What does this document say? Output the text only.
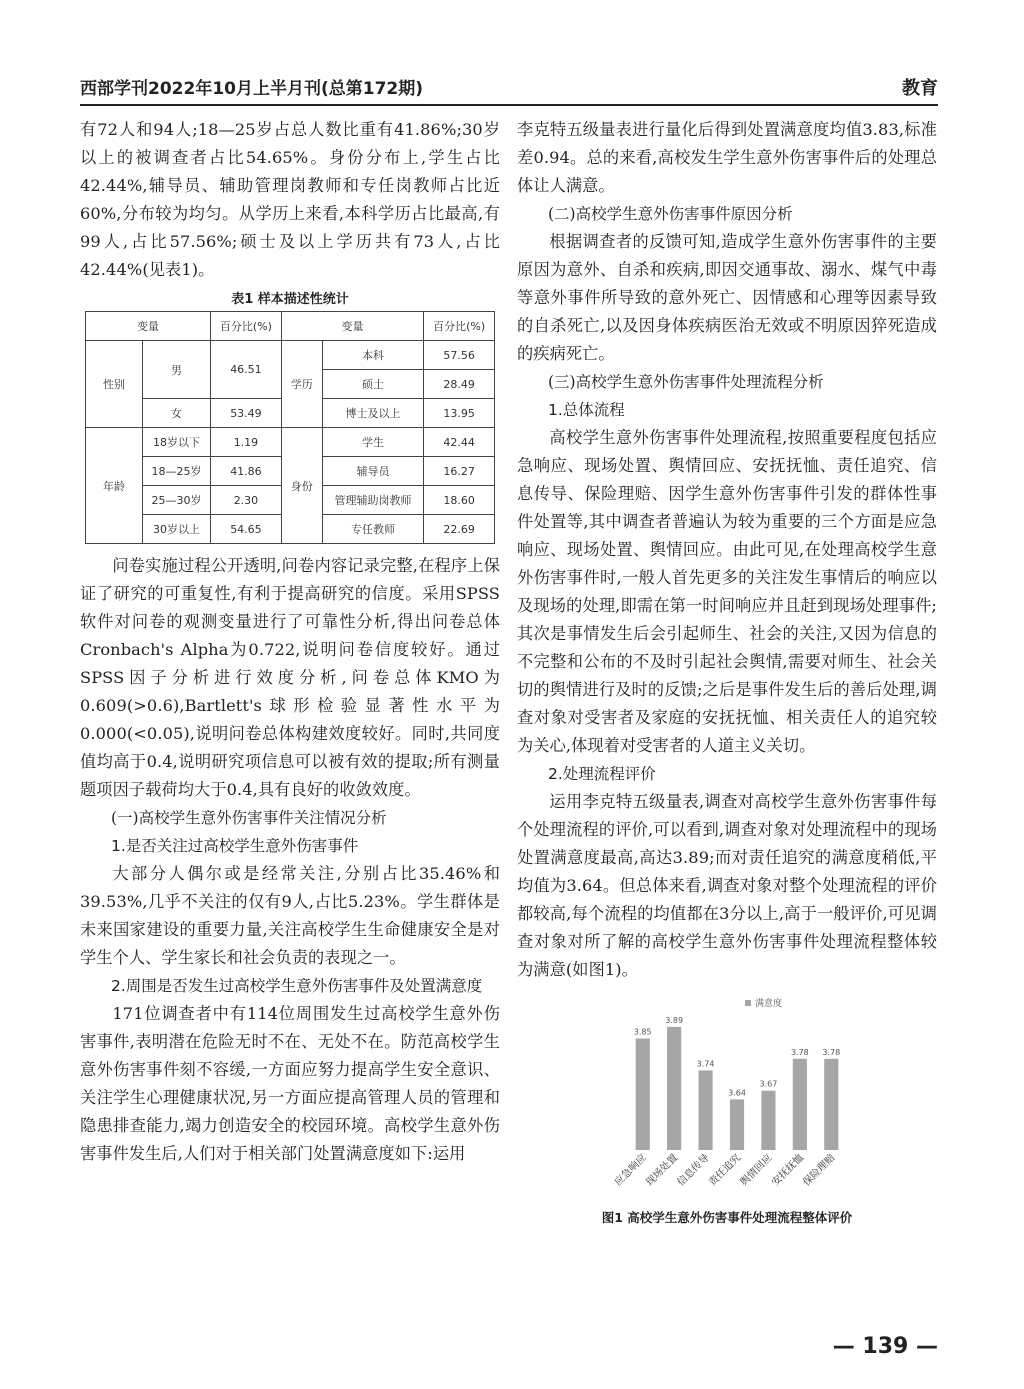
西部学刊2022年10月上半月刊(总第172期)	教育

有72人和94人;18—25岁占总人数比重有41.86%;30岁以上的被调查者占比54.65%。身份分布上,学生占比42.44%,辅导员、辅助管理岗教师和专任岗教师占比近60%,分布较为均匀。从学历上来看,本科学历占比最高,有99人,占比57.56%;硕士及以上学历共有73人,占比42.44%(见表1)。

表1 样本描述性统计
变量		百分比(%)	变量		百分比(%)
性别	男	46.51	学历	本科	57.56
				硕士	28.49
	女	53.49		博士及以上	13.95
年龄	18岁以下	1.19	身份	学生	42.44
	18—25岁	41.86		辅导员	16.27
	25—30岁	2.30		管理辅助岗教师	18.60
	30岁以上	54.65		专任教师	22.69

问卷实施过程公开透明,问卷内容记录完整,在程序上保证了研究的可重复性,有利于提高研究的信度。采用SPSS软件对问卷的观测变量进行了可靠性分析,得出问卷总体Cronbach's Alpha为0.722,说明问卷信度较好。通过SPSS因子分析进行效度分析,问卷总体KMO为0.609(>0.6),Bartlett's球形检验显著性水平为0.000(<0.05),说明问卷总体构建效度较好。同时,共同度值均高于0.4,说明研究项信息可以被有效的提取;所有测量题项因子载荷均大于0.4,具有良好的收敛效度。

(一)高校学生意外伤害事件关注情况分析

1.是否关注过高校学生意外伤害事件

大部分人偶尔或是经常关注,分别占比35.46%和39.53%,几乎不关注的仅有9人,占比5.23%。学生群体是未来国家建设的重要力量,关注高校学生生命健康安全是对学生个人、学生家长和社会负责的表现之一。

2.周围是否发生过高校学生意外伤害事件及处置满意度

171位调查者中有114位周围发生过高校学生意外伤害事件,表明潜在危险无时不在、无处不在。防范高校学生意外伤害事件刻不容缓,一方面应努力提高学生安全意识、关注学生心理健康状况,另一方面应提高管理人员的管理和隐患排查能力,竭力创造安全的校园环境。高校学生意外伤害事件发生后,人们对于相关部门处置满意度如下:运用

李克特五级量表进行量化后得到处置满意度均值3.83,标准差0.94。总的来看,高校发生学生意外伤害事件后的处理总体让人满意。

(二)高校学生意外伤害事件原因分析

根据调查者的反馈可知,造成学生意外伤害事件的主要原因为意外、自杀和疾病,即因交通事故、溺水、煤气中毒等意外事件所导致的意外死亡、因情感和心理等因素导致的自杀死亡,以及因身体疾病医治无效或不明原因猝死造成的疾病死亡。

(三)高校学生意外伤害事件处理流程分析

1.总体流程

高校学生意外伤害事件处理流程,按照重要程度包括应急响应、现场处置、舆情回应、安抚抚恤、责任追究、信息传导、保险理赔、因学生意外伤害事件引发的群体性事件处置等,其中调查者普遍认为较为重要的三个方面是应急响应、现场处置、舆情回应。由此可见,在处理高校学生意外伤害事件时,一般人首先更多的关注发生事情后的响应以及现场的处理,即需在第一时间响应并且赶到现场处理事件;其次是事情发生后会引起师生、社会的关注,又因为信息的不完整和公布的不及时引起社会舆情,需要对师生、社会关切的舆情进行及时的反馈;之后是事件发生后的善后处理,调查对象对受害者及家庭的安抚抚恤、相关责任人的追究较为关心,体现着对受害者的人道主义关切。

2.处理流程评价

运用李克特五级量表,调查对高校学生意外伤害事件每个处理流程的评价,可以看到,调查对象对处理流程中的现场处置满意度最高,高达3.89;而对责任追究的满意度稍低,平均值为3.64。但总体来看,调查对象对整个处理流程的评价都较高,每个流程的均值都在3分以上,高于一般评价,可见调查对象对所了解的高校学生意外伤害事件处理流程整体较为满意(如图1)。

满意度
3.85
应急响应
3.89
现场处置
3.74
信息传导
3.64
责任追究
3.67
舆情回应
3.78
安抚抚恤
3.78
保险理赔
图1 高校学生意外伤害事件处理流程整体评价
— 139 —
